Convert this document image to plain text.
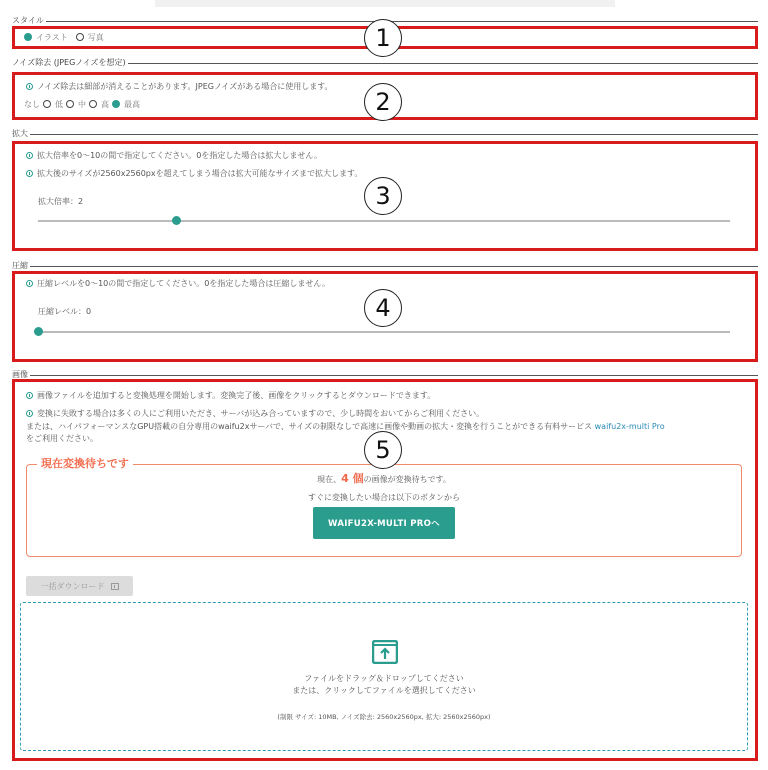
スタイル
イラスト	写真	1
ノイズ除去 (JPEGノイズを想定)
ノイズ除去は細部が消えることがあります。JPEGノイズがある場合に使用します。
なし 低 中 高 最高	2
拡大
拡大倍率を0～10の間で指定してください。0を指定した場合は拡大しません。
拡大後のサイズが2560x2560pxを超えてしまう場合は拡大可能なサイズまで拡大します。
拡大倍率：2	3
圧縮
圧縮レベルを0～10の間で指定してください。0を指定した場合は圧縮しません。
圧縮レベル：0	4
画像
画像ファイルを追加すると変換処理を開始します。変換完了後、画像をクリックするとダウンロードできます。
変換に失敗する場合は多くの人にご利用いただき、サーバが込み合っていますので、少し時間をおいてからご利用ください。
または、ハイパフォーマンスなGPU搭載の自分専用のwaifu2xサーバで、サイズの制限なしで高速に画像や動画の拡大・変換を行うことができる有料サービス waifu2x-multi Pro
をご利用ください。
現在変換待ちです
現在、4 個の画像が変換待ちです。
すぐに変換したい場合は以下のボタンから
WAIFU2X-MULTI PROへ
一括ダウンロード
ファイルをドラッグ＆ドロップしてください
または、クリックしてファイルを選択してください
(制限 サイズ: 10MB, ノイズ除去: 2560x2560px, 拡大: 2560x2560px)
5
